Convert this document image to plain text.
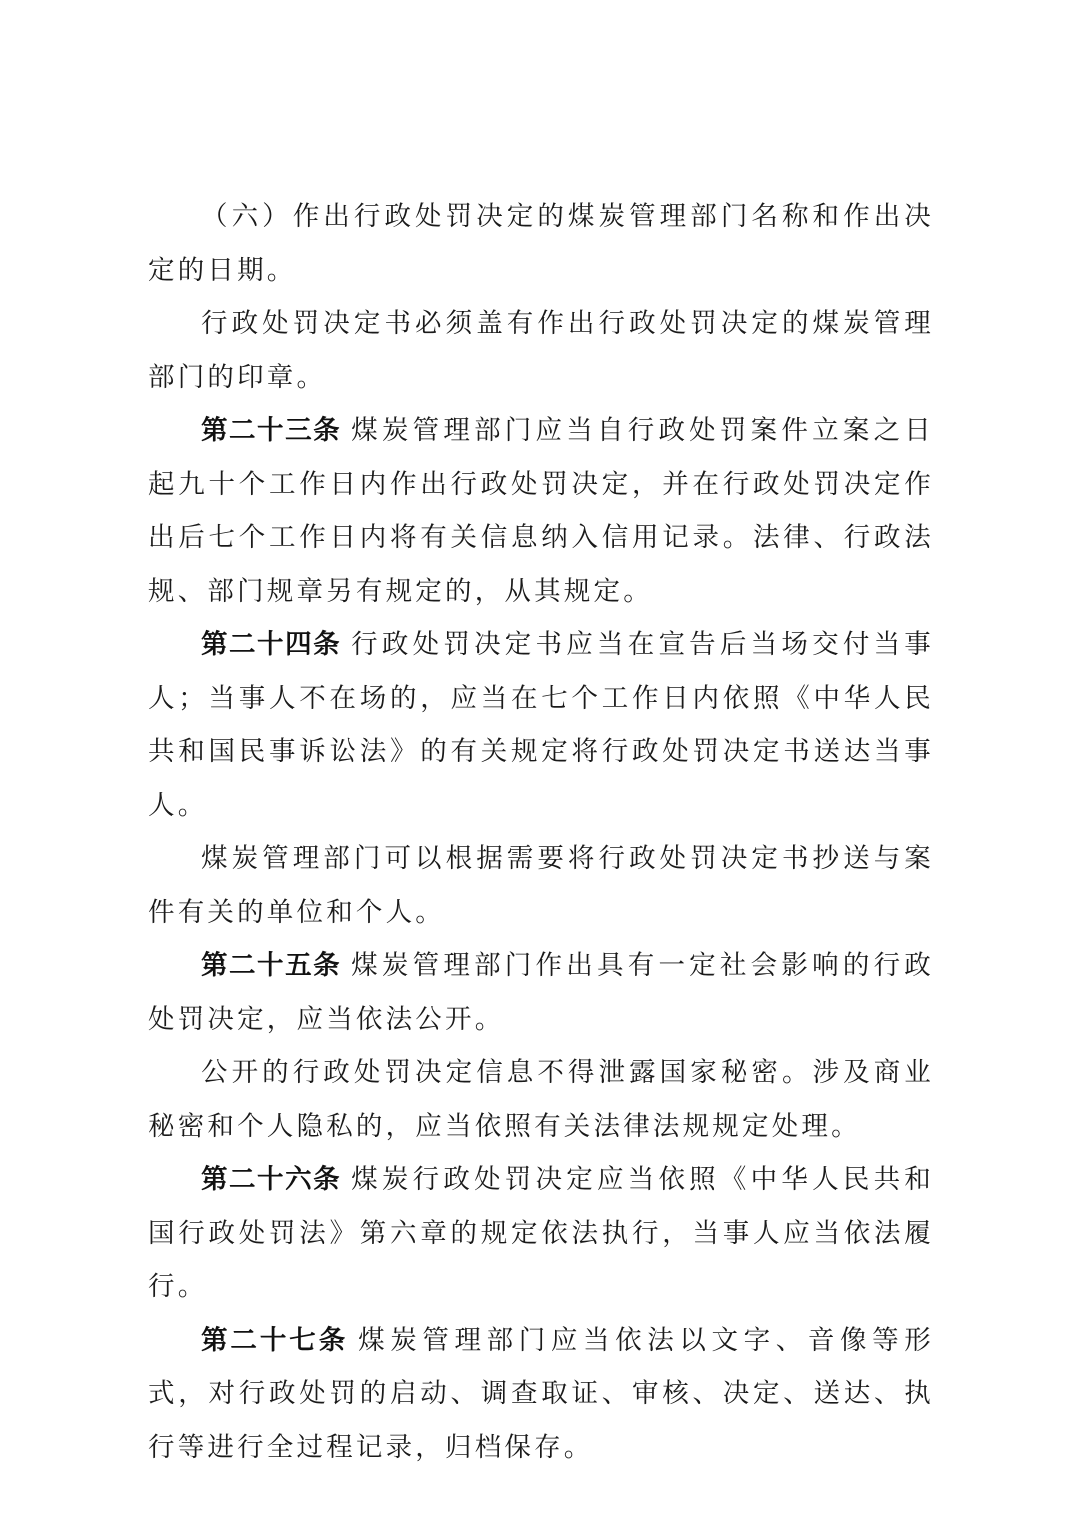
（六）作出行政处罚决定的煤炭管理部门名称和作出决定的日期。

行政处罚决定书必须盖有作出行政处罚决定的煤炭管理部门的印章。

第二十三条 煤炭管理部门应当自行政处罚案件立案之日起九十个工作日内作出行政处罚决定，并在行政处罚决定作出后七个工作日内将有关信息纳入信用记录。法律、行政法规、部门规章另有规定的，从其规定。

第二十四条 行政处罚决定书应当在宣告后当场交付当事人；当事人不在场的，应当在七个工作日内依照《中华人民共和国民事诉讼法》的有关规定将行政处罚决定书送达当事人。

煤炭管理部门可以根据需要将行政处罚决定书抄送与案件有关的单位和个人。

第二十五条 煤炭管理部门作出具有一定社会影响的行政处罚决定，应当依法公开。

公开的行政处罚决定信息不得泄露国家秘密。涉及商业秘密和个人隐私的，应当依照有关法律法规规定处理。

第二十六条 煤炭行政处罚决定应当依照《中华人民共和国行政处罚法》第六章的规定依法执行，当事人应当依法履行。

第二十七条 煤炭管理部门应当依法以文字、音像等形式，对行政处罚的启动、调查取证、审核、决定、送达、执行等进行全过程记录，归档保存。
